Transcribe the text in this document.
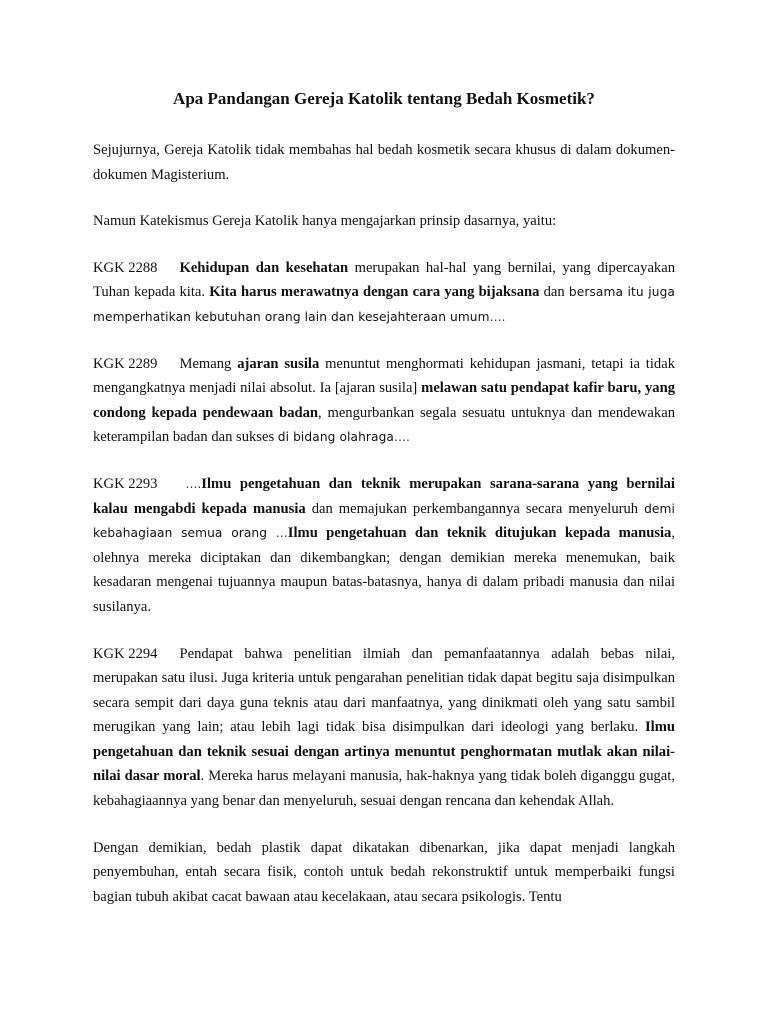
Apa Pandangan Gereja Katolik tentang Bedah Kosmetik?

Sejujurnya, Gereja Katolik tidak membahas hal bedah kosmetik secara khusus di dalam dokumen-dokumen Magisterium.

Namun Katekismus Gereja Katolik hanya mengajarkan prinsip dasarnya, yaitu:

KGK 2288 Kehidupan dan kesehatan merupakan hal-hal yang bernilai, yang dipercayakan Tuhan kepada kita. Kita harus merawatnya dengan cara yang bijaksana dan bersama itu juga memperhatikan kebutuhan orang lain dan kesejahteraan umum….

KGK 2289 Memang ajaran susila menuntut menghormati kehidupan jasmani, tetapi ia tidak mengangkatnya menjadi nilai absolut. Ia [ajaran susila] melawan satu pendapat kafir baru, yang condong kepada pendewaan badan, mengurbankan segala sesuatu untuknya dan mendewakan keterampilan badan dan sukses di bidang olahraga….

KGK 2293 ….Ilmu pengetahuan dan teknik merupakan sarana-sarana yang bernilai kalau mengabdi kepada manusia dan memajukan perkembangannya secara menyeluruh demi kebahagiaan semua orang …Ilmu pengetahuan dan teknik ditujukan kepada manusia, olehnya mereka diciptakan dan dikembangkan; dengan demikian mereka menemukan, baik kesadaran mengenai tujuannya maupun batas-batasnya, hanya di dalam pribadi manusia dan nilai susilanya.

KGK 2294 Pendapat bahwa penelitian ilmiah dan pemanfaatannya adalah bebas nilai, merupakan satu ilusi. Juga kriteria untuk pengarahan penelitian tidak dapat begitu saja disimpulkan secara sempit dari daya guna teknis atau dari manfaatnya, yang dinikmati oleh yang satu sambil merugikan yang lain; atau lebih lagi tidak bisa disimpulkan dari ideologi yang berlaku. Ilmu pengetahuan dan teknik sesuai dengan artinya menuntut penghormatan mutlak akan nilai-nilai dasar moral. Mereka harus melayani manusia, hak-haknya yang tidak boleh diganggu gugat, kebahagiaannya yang benar dan menyeluruh, sesuai dengan rencana dan kehendak Allah.

Dengan demikian, bedah plastik dapat dikatakan dibenarkan, jika dapat menjadi langkah penyembuhan, entah secara fisik, contoh untuk bedah rekonstruktif untuk memperbaiki fungsi bagian tubuh akibat cacat bawaan atau kecelakaan, atau secara psikologis. Tentu
